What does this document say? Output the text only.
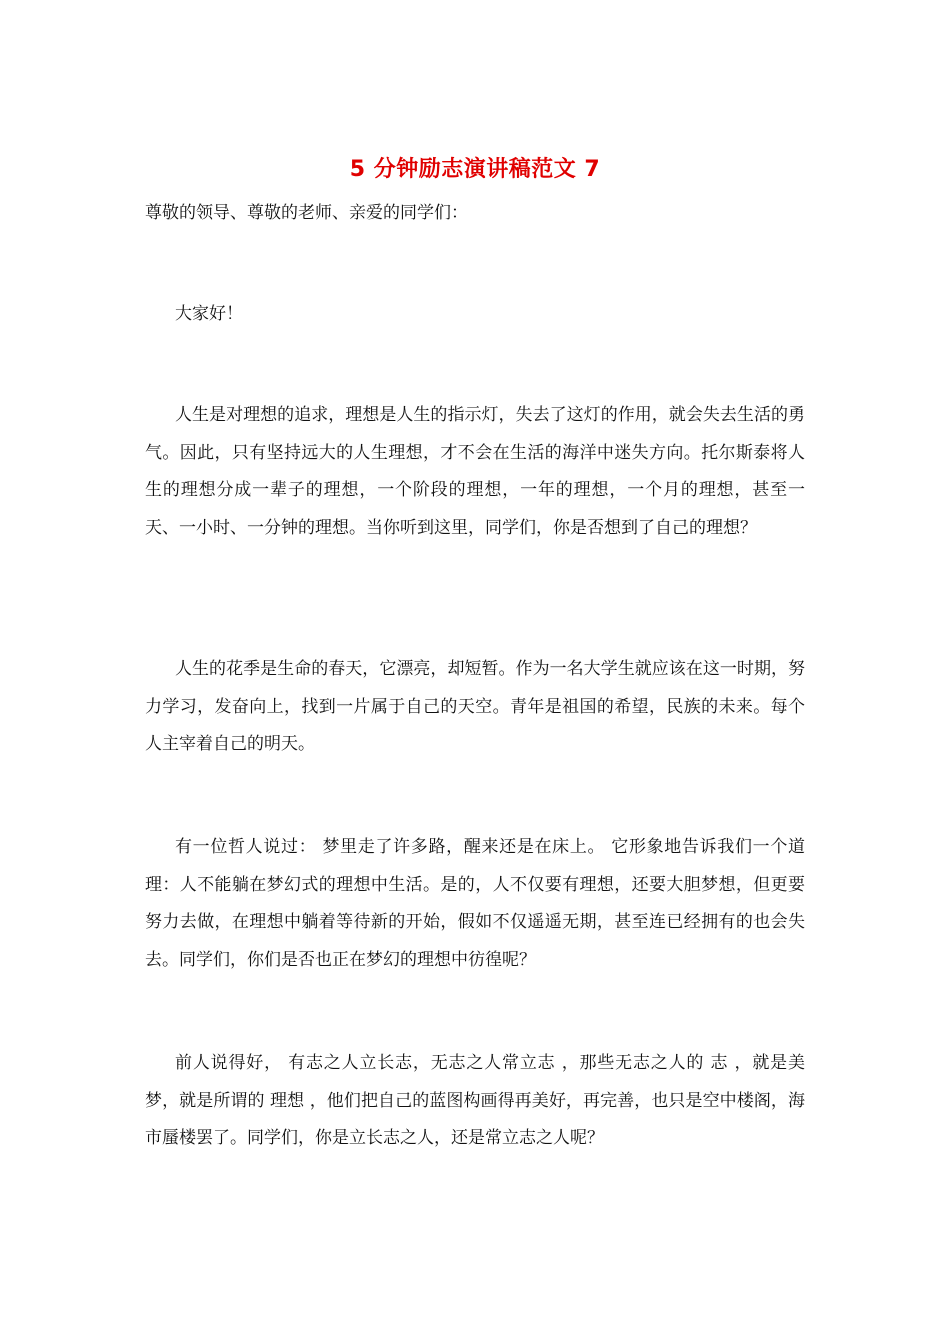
5 分钟励志演讲稿范文 7
尊敬的领导、尊敬的老师、亲爱的同学们：

大家好！

人生是对理想的追求，理想是人生的指示灯，失去了这灯的作用，就会失去生活的勇气。因此，只有坚持远大的人生理想，才不会在生活的海洋中迷失方向。托尔斯泰将人生的理想分成一辈子的理想，一个阶段的理想，一年的理想，一个月的理想，甚至一天、一小时、一分钟的理想。当你听到这里，同学们，你是否想到了自己的理想？

人生的花季是生命的春天，它漂亮，却短暂。作为一名大学生就应该在这一时期，努力学习，发奋向上，找到一片属于自己的天空。青年是祖国的希望，民族的未来。每个人主宰着自己的明天。

有一位哲人说过： 梦里走了许多路，醒来还是在床上。 它形象地告诉我们一个道理：人不能躺在梦幻式的理想中生活。是的，人不仅要有理想，还要大胆梦想，但更要努力去做，在理想中躺着等待新的开始，假如不仅遥遥无期，甚至连已经拥有的也会失去。同学们，你们是否也正在梦幻的理想中彷徨呢？

前人说得好， 有志之人立长志，无志之人常立志 ，那些无志之人的 志 ，就是美梦，就是所谓的 理想 ，他们把自己的蓝图构画得再美好，再完善，也只是空中楼阁，海市蜃楼罢了。同学们，你是立长志之人，还是常立志之人呢？
